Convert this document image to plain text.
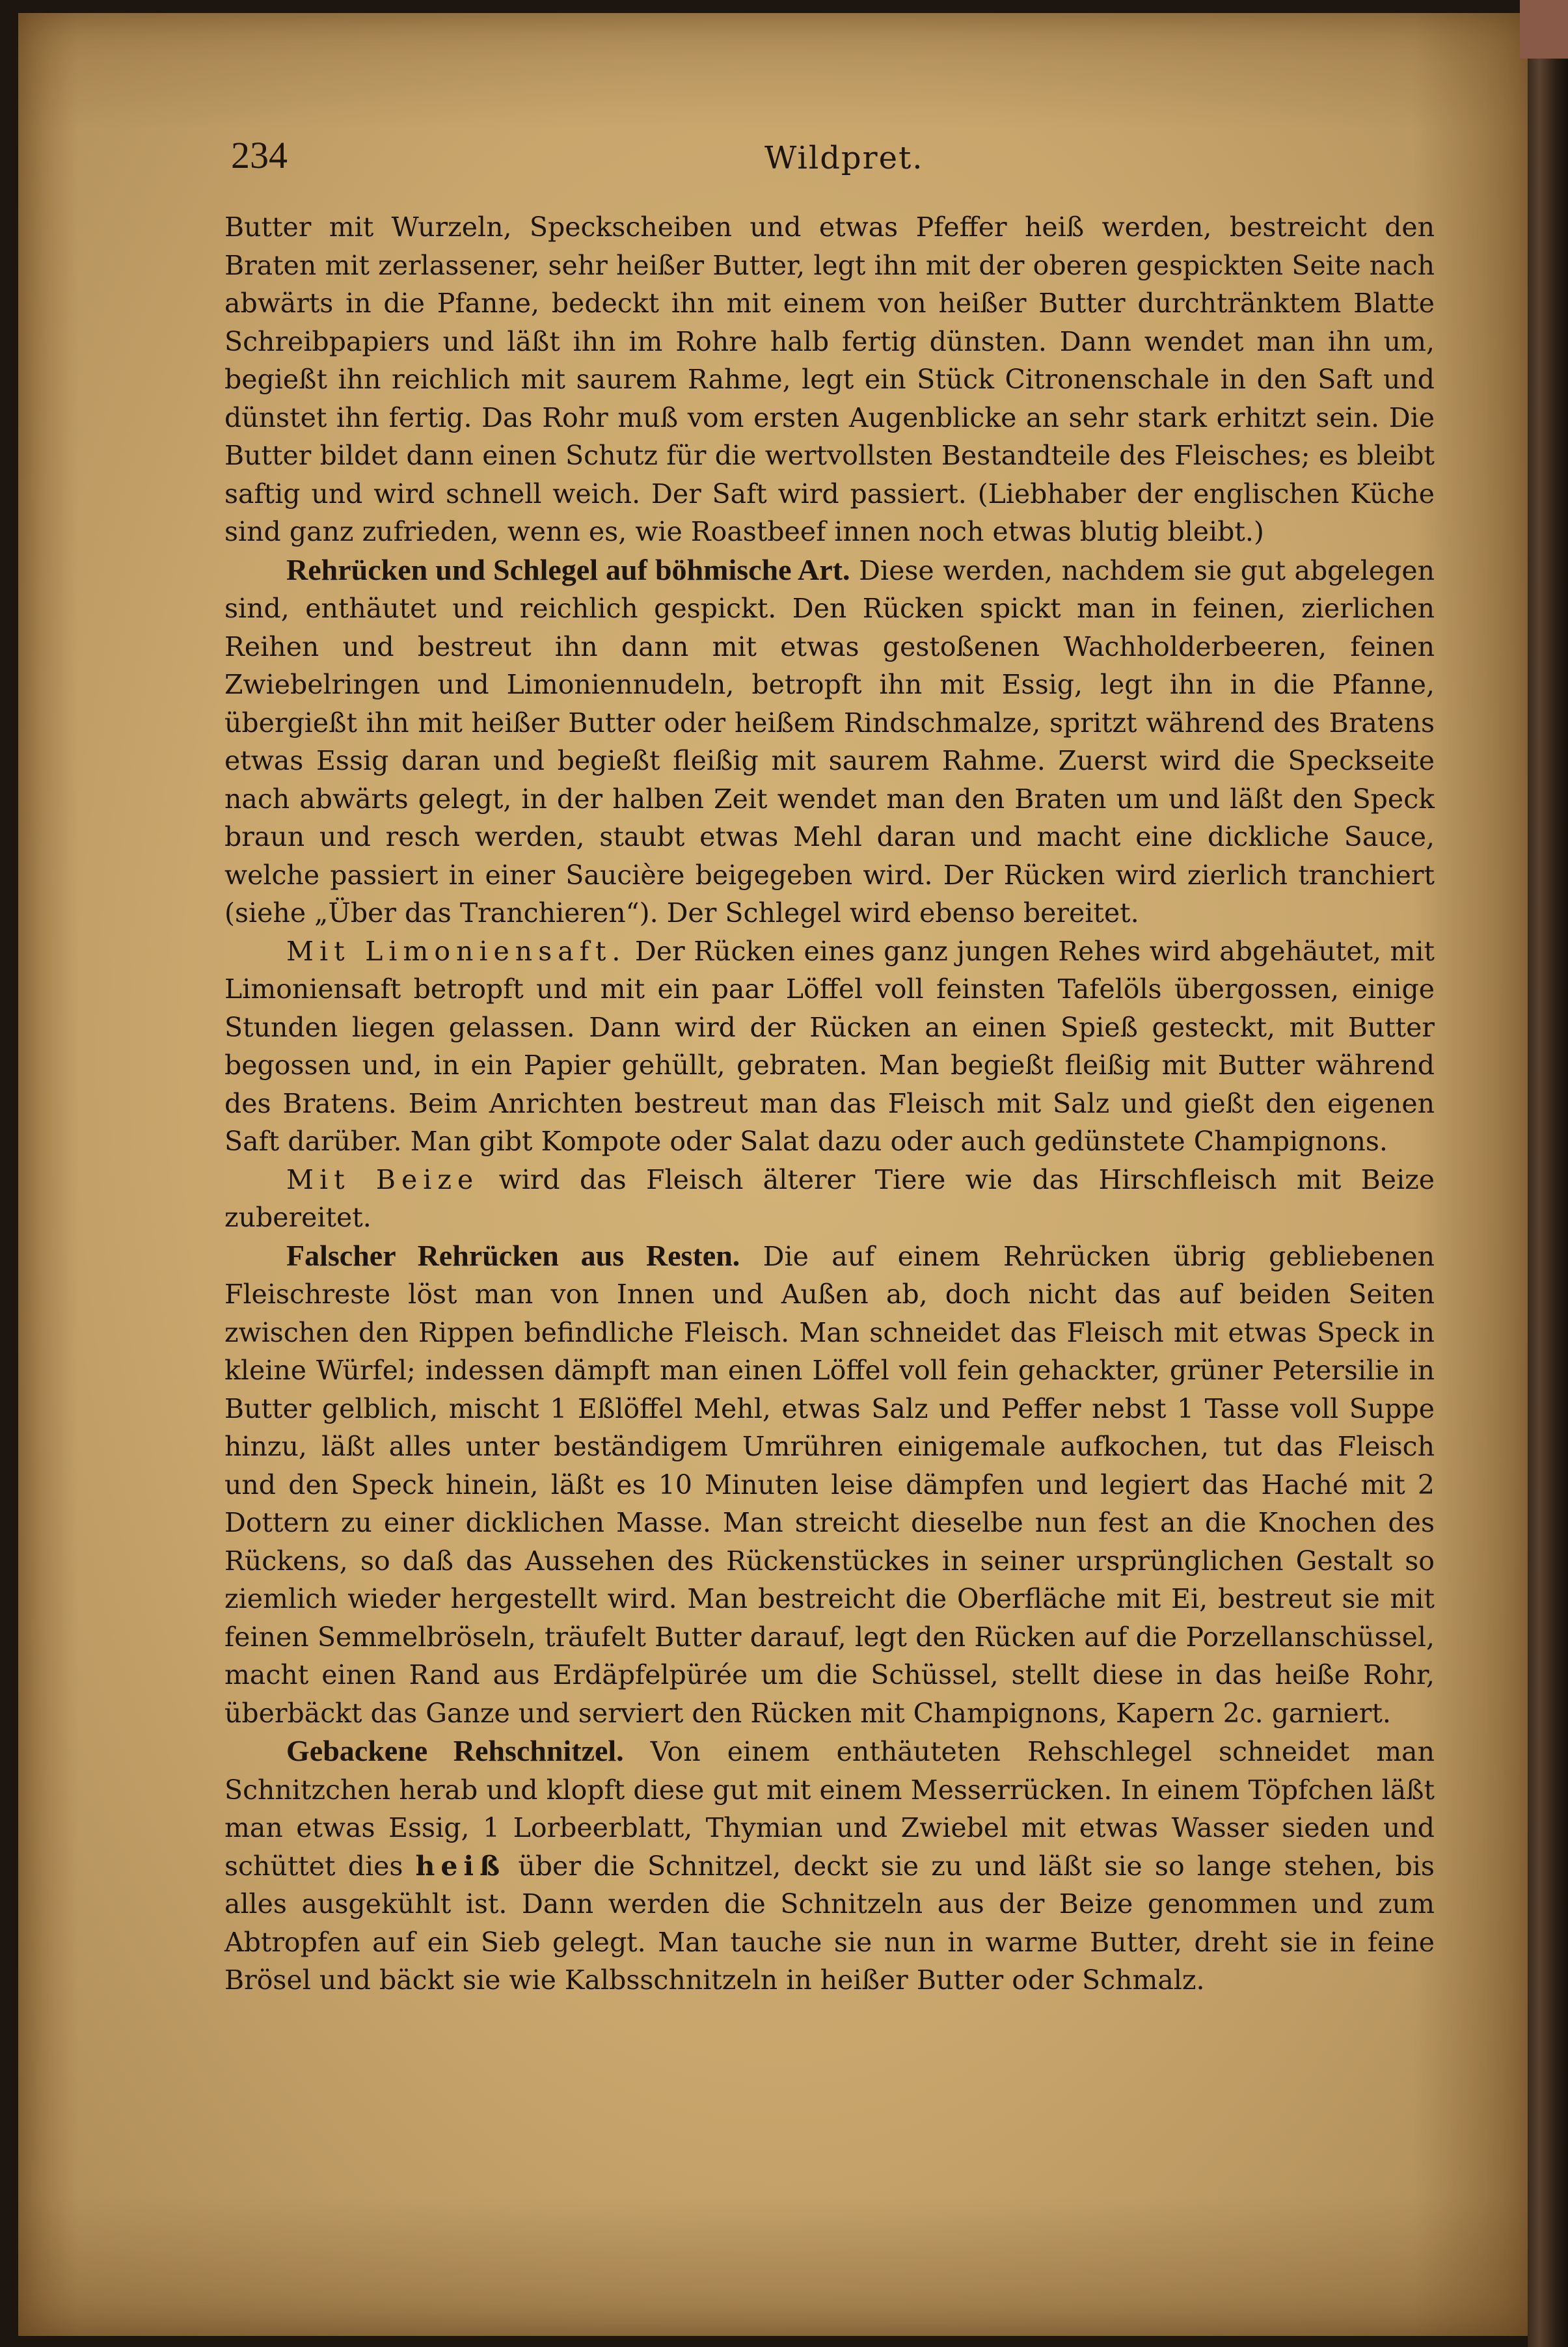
234	Wildpret.

Butter mit Wurzeln, Speckscheiben und etwas Pfeffer heiß werden, bestreicht den Braten mit zerlassener, sehr heißer Butter, legt ihn mit der oberen gespickten Seite nach abwärts in die Pfanne, bedeckt ihn mit einem von heißer Butter durchtränktem Blatte Schreibpapiers und läßt ihn im Rohre halb fertig dünsten. Dann wendet man ihn um, begießt ihn reichlich mit saurem Rahme, legt ein Stück Citronenschale in den Saft und dünstet ihn fertig. Das Rohr muß vom ersten Augenblicke an sehr stark erhitzt sein. Die Butter bildet dann einen Schutz für die wertvollsten Bestandteile des Fleisches; es bleibt saftig und wird schnell weich. Der Saft wird passiert. (Liebhaber der englischen Küche sind ganz zufrieden, wenn es, wie Roastbeef innen noch etwas blutig bleibt.)

Rehrücken und Schlegel auf böhmische Art. Diese werden, nachdem sie gut abgelegen sind, enthäutet und reichlich gespickt. Den Rücken spickt man in feinen, zierlichen Reihen und bestreut ihn dann mit etwas gestoßenen Wachholderbeeren, feinen Zwiebelringen und Limoniennudeln, betropft ihn mit Essig, legt ihn in die Pfanne, übergießt ihn mit heißer Butter oder heißem Rindschmalze, spritzt während des Bratens etwas Essig daran und begießt fleißig mit saurem Rahme. Zuerst wird die Speckseite nach abwärts gelegt, in der halben Zeit wendet man den Braten um und läßt den Speck braun und resch werden, staubt etwas Mehl daran und macht eine dickliche Sauce, welche passiert in einer Saucière beigegeben wird. Der Rücken wird zierlich tranchiert (siehe „Über das Tranchieren“). Der Schlegel wird ebenso bereitet.

Mit Limoniensaft. Der Rücken eines ganz jungen Rehes wird abgehäutet, mit Limoniensaft betropft und mit ein paar Löffel voll feinsten Tafelöls übergossen, einige Stunden liegen gelassen. Dann wird der Rücken an einen Spieß gesteckt, mit Butter begossen und, in ein Papier gehüllt, gebraten. Man begießt fleißig mit Butter während des Bratens. Beim Anrichten bestreut man das Fleisch mit Salz und gießt den eigenen Saft darüber. Man gibt Kompote oder Salat dazu oder auch gedünstete Champignons.

Mit Beize wird das Fleisch älterer Tiere wie das Hirschfleisch mit Beize zubereitet.

Falscher Rehrücken aus Resten. Die auf einem Rehrücken übrig gebliebenen Fleischreste löst man von Innen und Außen ab, doch nicht das auf beiden Seiten zwischen den Rippen befindliche Fleisch. Man schneidet das Fleisch mit etwas Speck in kleine Würfel; indessen dämpft man einen Löffel voll fein gehackter, grüner Petersilie in Butter gelblich, mischt 1 Eßlöffel Mehl, etwas Salz und Peffer nebst 1 Tasse voll Suppe hinzu, läßt alles unter beständigem Umrühren einigemale aufkochen, tut das Fleisch und den Speck hinein, läßt es 10 Minuten leise dämpfen und legiert das Haché mit 2 Dottern zu einer dicklichen Masse. Man streicht dieselbe nun fest an die Knochen des Rückens, so daß das Aussehen des Rückenstückes in seiner ursprünglichen Gestalt so ziemlich wieder hergestellt wird. Man bestreicht die Oberfläche mit Ei, bestreut sie mit feinen Semmelbröseln, träufelt Butter darauf, legt den Rücken auf die Porzellanschüssel, macht einen Rand aus Erdäpfelpürée um die Schüssel, stellt diese in das heiße Rohr, überbäckt das Ganze und serviert den Rücken mit Champignons, Kapern 2c. garniert.

Gebackene Rehschnitzel. Von einem enthäuteten Rehschlegel schneidet man Schnitzchen herab und klopft diese gut mit einem Messerrücken. In einem Töpfchen läßt man etwas Essig, 1 Lorbeerblatt, Thymian und Zwiebel mit etwas Wasser sieden und schüttet dies heiß über die Schnitzel, deckt sie zu und läßt sie so lange stehen, bis alles ausgekühlt ist. Dann werden die Schnitzeln aus der Beize genommen und zum Abtropfen auf ein Sieb gelegt. Man tauche sie nun in warme Butter, dreht sie in feine Brösel und bäckt sie wie Kalbsschnitzeln in heißer Butter oder Schmalz.
